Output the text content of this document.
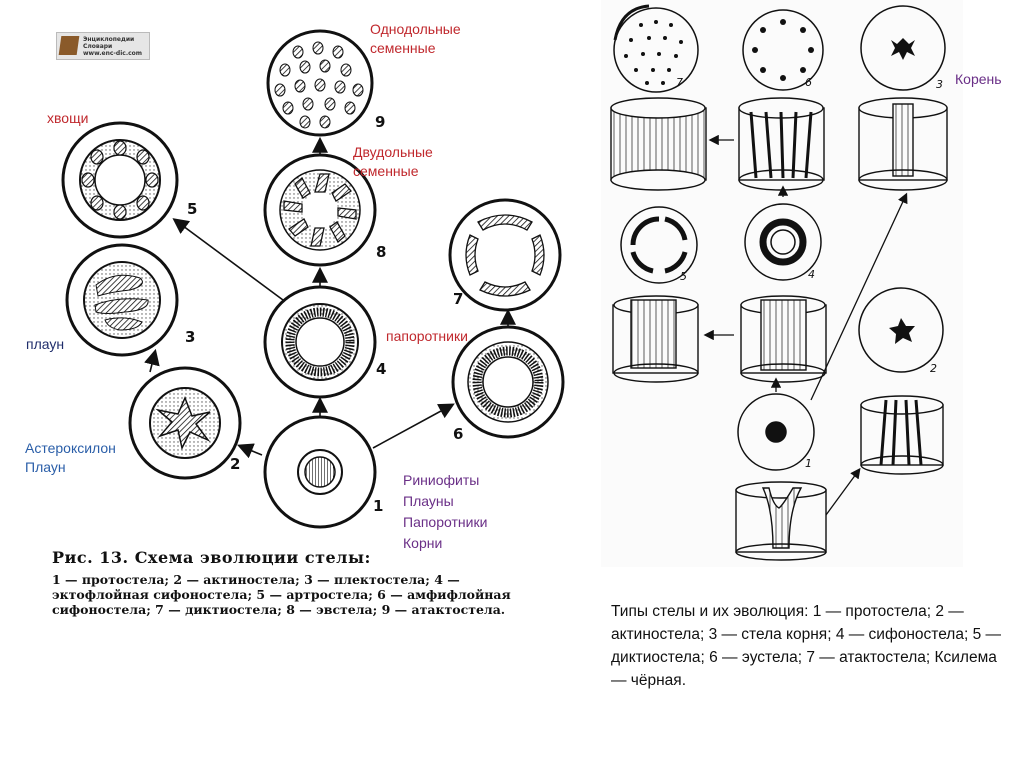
Энциклопедии
Словари
www.enc-dic.com
1
2
3
4
5
6
7
8
9
Однодольные
семенные
Двудольные
семенные
хвощи
плаун
Астероксилон
Плаун
папоротники
Риниофиты
Плауны
Папоротники
Корни
Рис. 13. Схема эволюции стелы:
1 — протостела; 2 — актиностела; 3 — плектостела; 4 — эктофлойная сифоностела; 5 — артростела; 6 — амфифлойная сифоностела; 7 — диктиостела; 8 — эвстела; 9 — атактостела.
7	6	3
5	4
2
1
Корень
Типы стелы и их эволюция: 1 — протостела; 2 — актиностела; 3 — стела корня; 4 — сифоностела; 5 — диктиостела; 6 — эустела; 7 — атактостела; Ксилема — чёрная.
